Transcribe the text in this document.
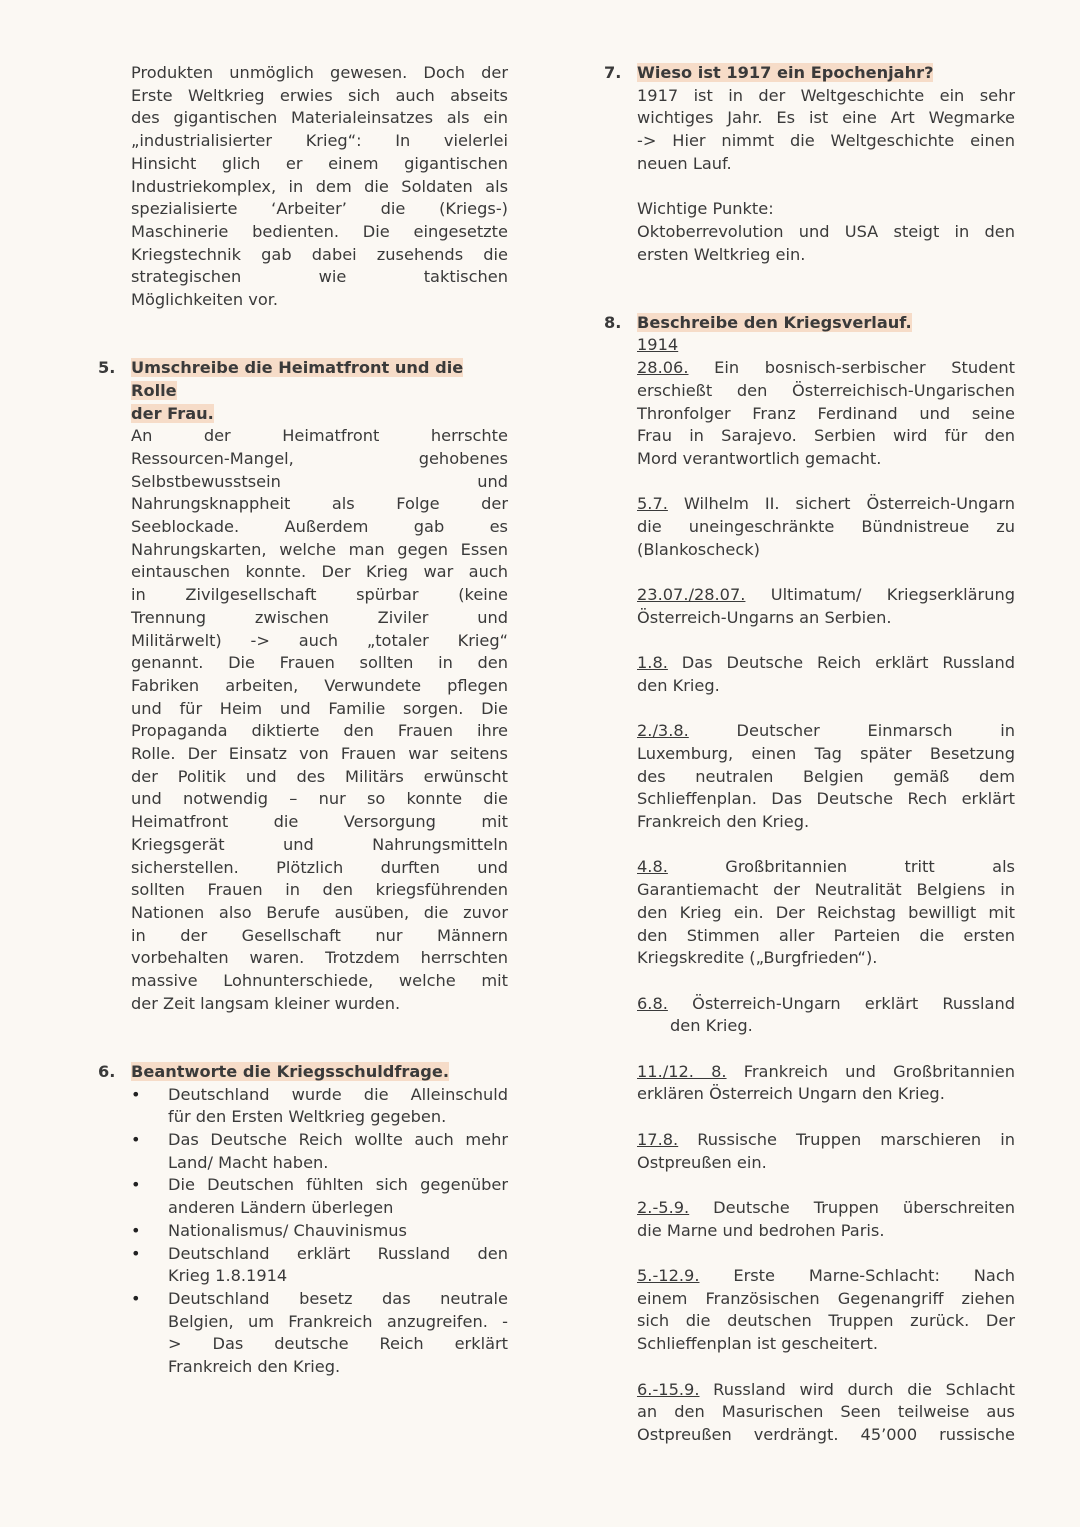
Produkten unmöglich gewesen. Doch der
Erste Weltkrieg erwies sich auch abseits
des gigantischen Materialeinsatzes als ein
„industrialisierter Krieg“: In vielerlei
Hinsicht glich er einem gigantischen
Industriekomplex, in dem die Soldaten als
spezialisierte ‘Arbeiter’ die (Kriegs-)
Maschinerie bedienten. Die eingesetzte
Kriegstechnik gab dabei zusehends die
strategischen wie taktischen
Möglichkeiten vor.
5. Umschreibe die Heimatfront und die Rolle
der Frau.
An der Heimatfront herrschte
Ressourcen-Mangel, gehobenes
Selbstbewusstsein und
Nahrungsknappheit als Folge der
Seeblockade. Außerdem gab es
Nahrungskarten, welche man gegen Essen
eintauschen konnte. Der Krieg war auch
in Zivilgesellschaft spürbar (keine
Trennung zwischen Ziviler und
Militärwelt) -> auch „totaler Krieg“
genannt. Die Frauen sollten in den
Fabriken arbeiten, Verwundete pflegen
und für Heim und Familie sorgen. Die
Propaganda diktierte den Frauen ihre
Rolle. Der Einsatz von Frauen war seitens
der Politik und des Militärs erwünscht
und notwendig – nur so konnte die
Heimatfront die Versorgung mit
Kriegsgerät und Nahrungsmitteln
sicherstellen. Plötzlich durften und
sollten Frauen in den kriegsführenden
Nationen also Berufe ausüben, die zuvor
in der Gesellschaft nur Männern
vorbehalten waren. Trotzdem herrschten
massive Lohnunterschiede, welche mit
der Zeit langsam kleiner wurden.
6. Beantworte die Kriegsschuldfrage.
• Deutschland wurde die Alleinschuld
für den Ersten Weltkrieg gegeben.
• Das Deutsche Reich wollte auch mehr
Land/ Macht haben.
• Die Deutschen fühlten sich gegenüber
anderen Ländern überlegen
• Nationalismus/ Chauvinismus
• Deutschland erklärt Russland den
Krieg 1.8.1914
• Deutschland besetz das neutrale
Belgien, um Frankreich anzugreifen. -
> Das deutsche Reich erklärt
Frankreich den Krieg.
7. Wieso ist 1917 ein Epochenjahr?
1917 ist in der Weltgeschichte ein sehr
wichtiges Jahr. Es ist eine Art Wegmarke
-> Hier nimmt die Weltgeschichte einen
neuen Lauf.
Wichtige Punkte:
Oktoberrevolution und USA steigt in den
ersten Weltkrieg ein.
8. Beschreibe den Kriegsverlauf.
1914
28.06. Ein bosnisch-serbischer Student
erschießt den Österreichisch-Ungarischen
Thronfolger Franz Ferdinand und seine
Frau in Sarajevo. Serbien wird für den
Mord verantwortlich gemacht.
5.7. Wilhelm II. sichert Österreich-Ungarn
die uneingeschränkte Bündnistreue zu
(Blankoscheck)
23.07./28.07. Ultimatum/ Kriegserklärung
Österreich-Ungarns an Serbien.
1.8. Das Deutsche Reich erklärt Russland
den Krieg.
2./3.8. Deutscher Einmarsch in
Luxemburg, einen Tag später Besetzung
des neutralen Belgien gemäß dem
Schlieffenplan. Das Deutsche Rech erklärt
Frankreich den Krieg.
4.8. Großbritannien tritt als
Garantiemacht der Neutralität Belgiens in
den Krieg ein. Der Reichstag bewilligt mit
den Stimmen aller Parteien die ersten
Kriegskredite („Burgfrieden“).
6.8. Österreich-Ungarn erklärt Russland
den Krieg.
11./12. 8. Frankreich und Großbritannien
erklären Österreich Ungarn den Krieg.
17.8. Russische Truppen marschieren in
Ostpreußen ein.
2.-5.9. Deutsche Truppen überschreiten
die Marne und bedrohen Paris.
5.-12.9. Erste Marne-Schlacht: Nach
einem Französischen Gegenangriff ziehen
sich die deutschen Truppen zurück. Der
Schlieffenplan ist gescheitert.
6.-15.9. Russland wird durch die Schlacht
an den Masurischen Seen teilweise aus
Ostpreußen verdrängt. 45’000 russische
